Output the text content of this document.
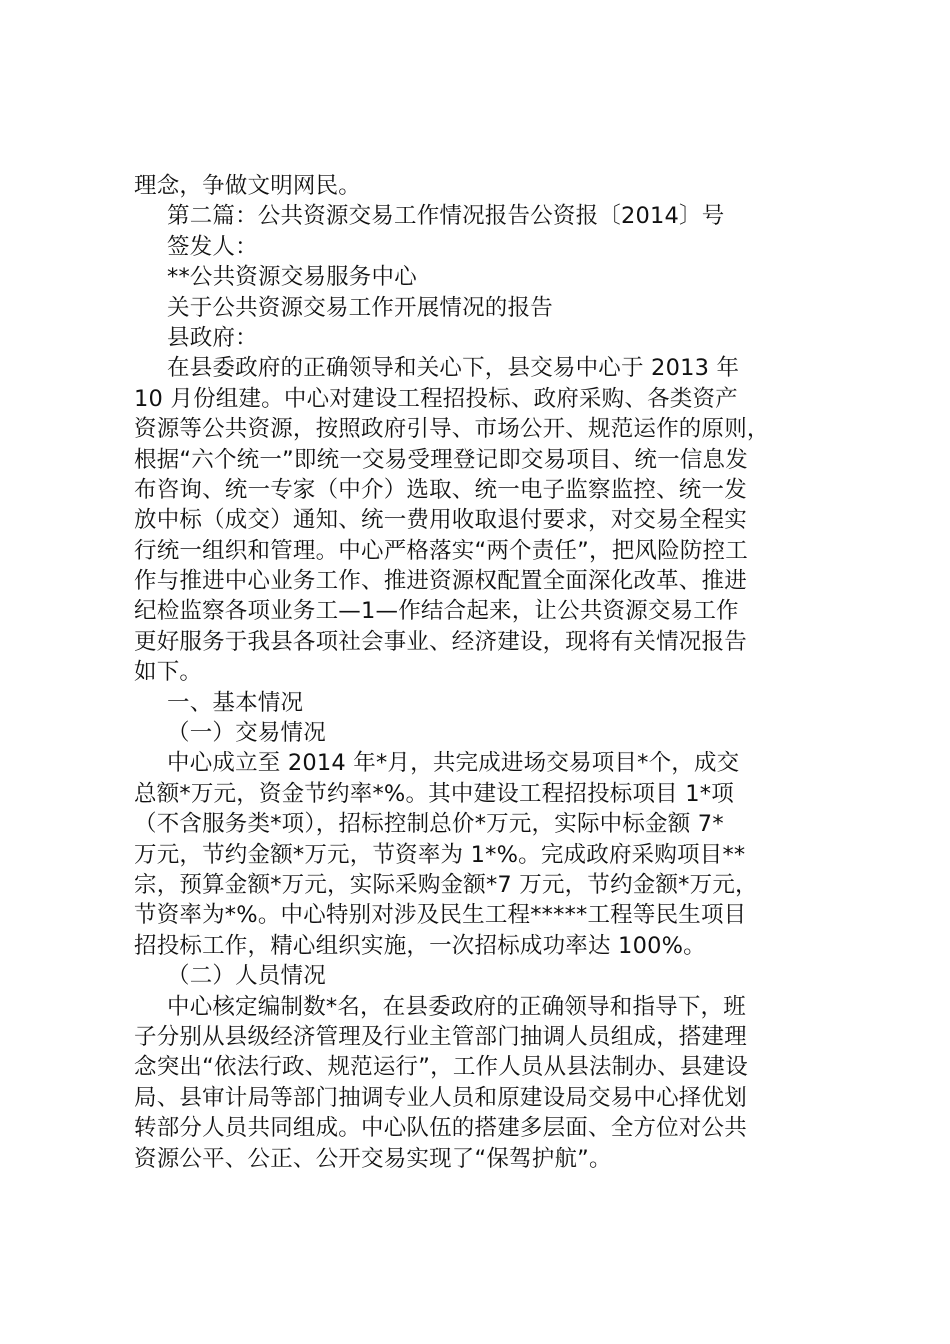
理念，争做文明网民。
第二篇：公共资源交易工作情况报告公资报〔2014〕号
签发人：
**公共资源交易服务中心
关于公共资源交易工作开展情况的报告
县政府：
在县委政府的正确领导和关心下，县交易中心于 2013 年
10 月份组建。中心对建设工程招投标、政府采购、各类资产
资源等公共资源，按照政府引导、市场公开、规范运作的原则，
根据“六个统一”即统一交易受理登记即交易项目、统一信息发
布咨询、统一专家（中介）选取、统一电子监察监控、统一发
放中标（成交）通知、统一费用收取退付要求，对交易全程实
行统一组织和管理。中心严格落实“两个责任”，把风险防控工
作与推进中心业务工作、推进资源权配置全面深化改革、推进
纪检监察各项业务工—1—作结合起来，让公共资源交易工作
更好服务于我县各项社会事业、经济建设，现将有关情况报告
如下。
一、基本情况
（一）交易情况
中心成立至 2014 年*月，共完成进场交易项目*个，成交
总额*万元，资金节约率*%。其中建设工程招投标项目 1*项
（不含服务类*项），招标控制总价*万元，实际中标金额 7*
万元，节约金额*万元，节资率为 1*%。完成政府采购项目**
宗，预算金额*万元，实际采购金额*7 万元，节约金额*万元，
节资率为*%。中心特别对涉及民生工程*****工程等民生项目
招投标工作，精心组织实施，一次招标成功率达 100%。
（二）人员情况
中心核定编制数*名，在县委政府的正确领导和指导下，班
子分别从县级经济管理及行业主管部门抽调人员组成，搭建理
念突出“依法行政、规范运行”，工作人员从县法制办、县建设
局、县审计局等部门抽调专业人员和原建设局交易中心择优划
转部分人员共同组成。中心队伍的搭建多层面、全方位对公共
资源公平、公正、公开交易实现了“保驾护航”。
